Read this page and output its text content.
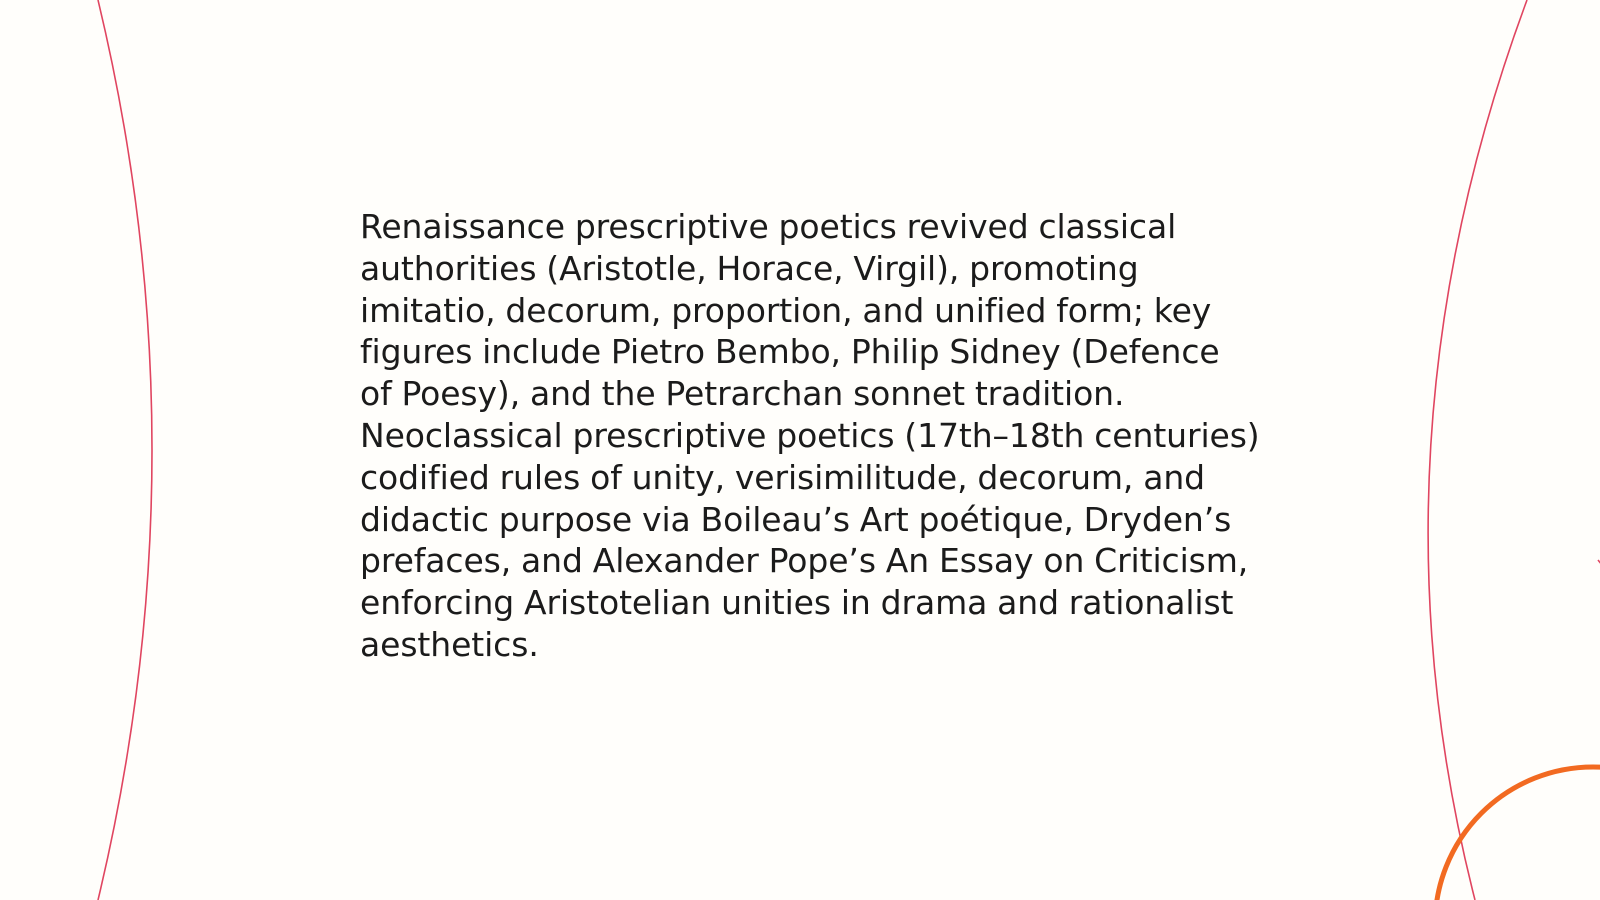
Renaissance prescriptive poetics revived classical
authorities (Aristotle, Horace, Virgil), promoting
imitatio, decorum, proportion, and unified form; key
figures include Pietro Bembo, Philip Sidney (Defence
of Poesy), and the Petrarchan sonnet tradition.
Neoclassical prescriptive poetics (17th–18th centuries)
codified rules of unity, verisimilitude, decorum, and
didactic purpose via Boileau’s Art poétique, Dryden’s
prefaces, and Alexander Pope’s An Essay on Criticism,
enforcing Aristotelian unities in drama and rationalist
aesthetics.
